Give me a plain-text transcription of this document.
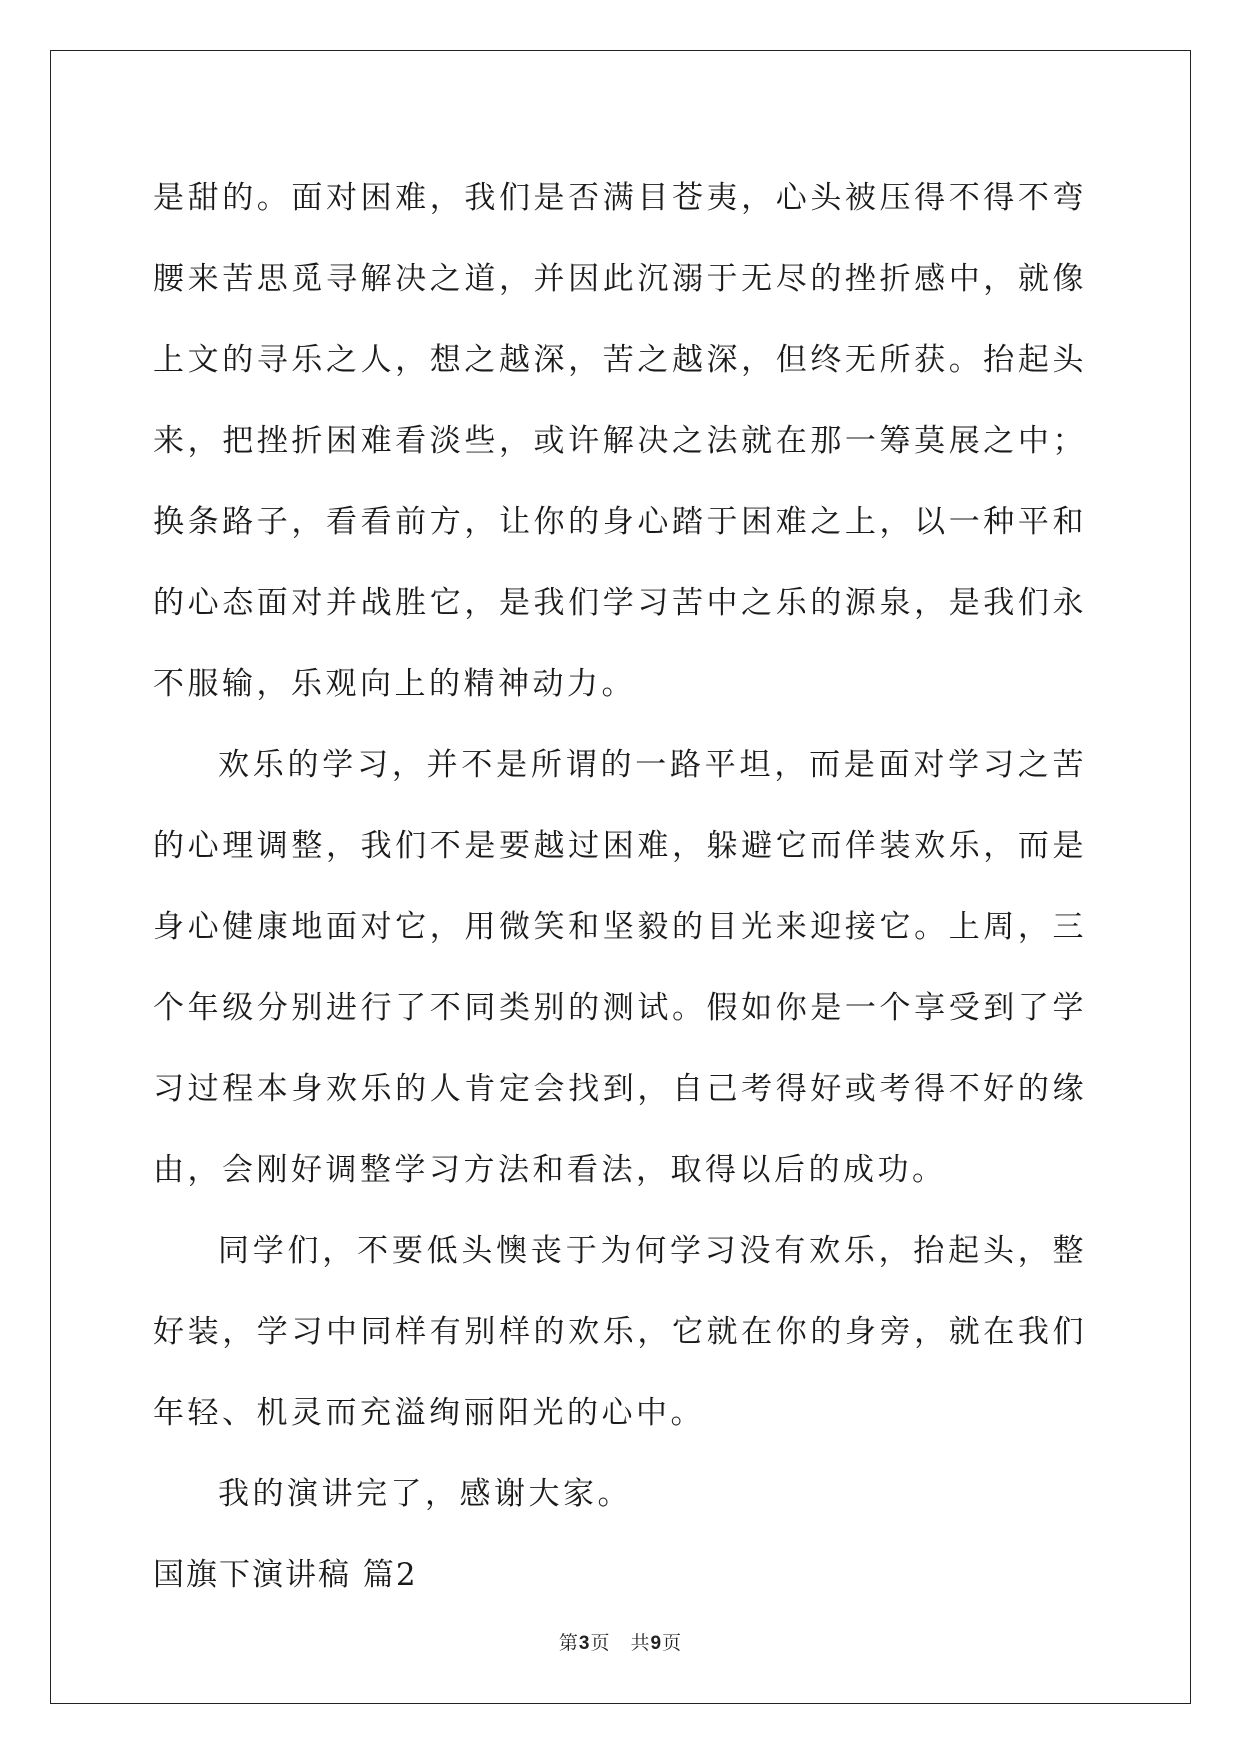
是甜的。面对困难，我们是否满目苍夷，心头被压得不得不弯腰来苦思觅寻解决之道，并因此沉溺于无尽的挫折感中，就像上文的寻乐之人，想之越深，苦之越深，但终无所获。抬起头来，把挫折困难看淡些，或许解决之法就在那一筹莫展之中；换条路子，看看前方，让你的身心踏于困难之上，以一种平和的心态面对并战胜它，是我们学习苦中之乐的源泉，是我们永不服输，乐观向上的精神动力。

欢乐的学习，并不是所谓的一路平坦，而是面对学习之苦的心理调整，我们不是要越过困难，躲避它而佯装欢乐，而是身心健康地面对它，用微笑和坚毅的目光来迎接它。上周，三个年级分别进行了不同类别的测试。假如你是一个享受到了学习过程本身欢乐的人肯定会找到，自己考得好或考得不好的缘由，会刚好调整学习方法和看法，取得以后的成功。

同学们，不要低头懊丧于为何学习没有欢乐，抬起头，整好装，学习中同样有别样的欢乐，它就在你的身旁，就在我们年轻、机灵而充溢绚丽阳光的心中。

我的演讲完了，感谢大家。

国旗下演讲稿 篇2

第3页　共9页
